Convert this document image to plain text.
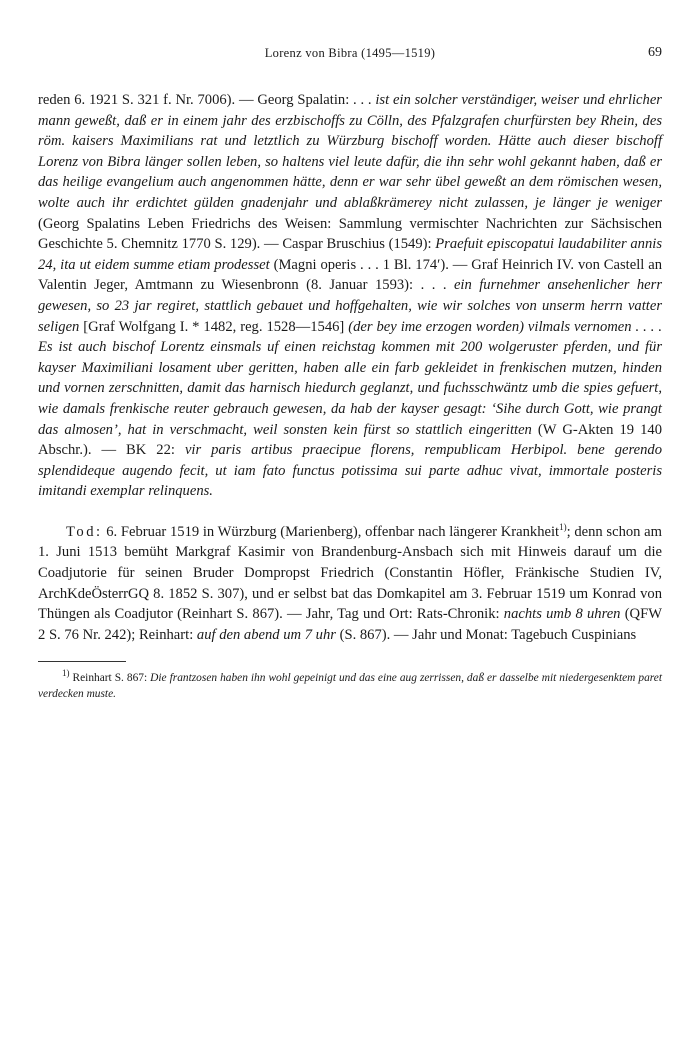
Lorenz von Bibra (1495—1519)	69

reden 6. 1921 S. 321 f. Nr. 7006). — Georg Spalatin: . . . ist ein solcher verständiger, weiser und ehrlicher mann geweßt, daß er in einem jahr des erzbischoffs zu Cölln, des Pfalzgrafen churfürsten bey Rhein, des röm. kaisers Maximilians rat und letztlich zu Würzburg bischoff worden. Hätte auch dieser bischoff Lorenz von Bibra länger sollen leben, so haltens viel leute dafür, die ihn sehr wohl gekannt haben, daß er das heilige evangelium auch angenommen hätte, denn er war sehr übel geweßt an dem römischen wesen, wolte auch ihr erdichtet gülden gnadenjahr und ablaßkrämerey nicht zulassen, je länger je weniger (Georg Spalatins Leben Friedrichs des Weisen: Sammlung vermischter Nachrichten zur Sächsischen Geschichte 5. Chemnitz 1770 S. 129). — Caspar Bruschius (1549): Praefuit episcopatui laudabiliter annis 24, ita ut eidem summe etiam prodesset (Magni operis . . . 1 Bl. 174′). — Graf Heinrich IV. von Castell an Valentin Jeger, Amtmann zu Wiesenbronn (8. Januar 1593): . . . ein furnehmer ansehenlicher herr gewesen, so 23 jar regiret, stattlich gebauet und hoffgehalten, wie wir solches von unserm herrn vatter seligen [Graf Wolfgang I. * 1482, reg. 1528—1546] (der bey ime erzogen worden) vilmals vernomen . . . . Es ist auch bischof Lorentz einsmals uf einen reichstag kommen mit 200 wolgeruster pferden, und für kayser Maximiliani losament uber geritten, haben alle ein farb gekleidet in frenkischen mutzen, hinden und vornen zerschnitten, damit das harnisch hiedurch geglanzt, und fuchsschwäntz umb die spies gefuert, wie damals frenkische reuter gebrauch gewesen, da hab der kayser gesagt: ‘Sihe durch Gott, wie prangt das almosen’, hat in verschmacht, weil sonsten kein fürst so stattlich eingeritten (W G-Akten 19 140 Abschr.). — BK 22: vir paris artibus praecipue florens, rempublicam Herbipol. bene gerendo splendideque augendo fecit, ut iam fato functus potissima sui parte adhuc vivat, immortale posteris imitandi exemplar relinquens.

Tod: 6. Februar 1519 in Würzburg (Marienberg), offenbar nach längerer Krankheit$^{1)}$; denn schon am 1. Juni 1513 bemüht Markgraf Kasimir von Brandenburg-Ansbach sich mit Hinweis darauf um die Coadjutorie für seinen Bruder Dompropst Friedrich (Constantin Höfler, Fränkische Studien IV, ArchKdeÖsterrGQ 8. 1852 S. 307), und er selbst bat das Domkapitel am 3. Februar 1519 um Konrad von Thüngen als Coadjutor (Reinhart S. 867). — Jahr, Tag und Ort: Rats-Chronik: nachts umb 8 uhren (QFW 2 S. 76 Nr. 242); Reinhart: auf den abend um 7 uhr (S. 867). — Jahr und Monat: Tagebuch Cuspinians

$^{1)}$ Reinhart S. 867: Die frantzosen haben ihn wohl gepeinigt und das eine aug zerrissen, daß er dasselbe mit niedergesenktem paret verdecken muste.
